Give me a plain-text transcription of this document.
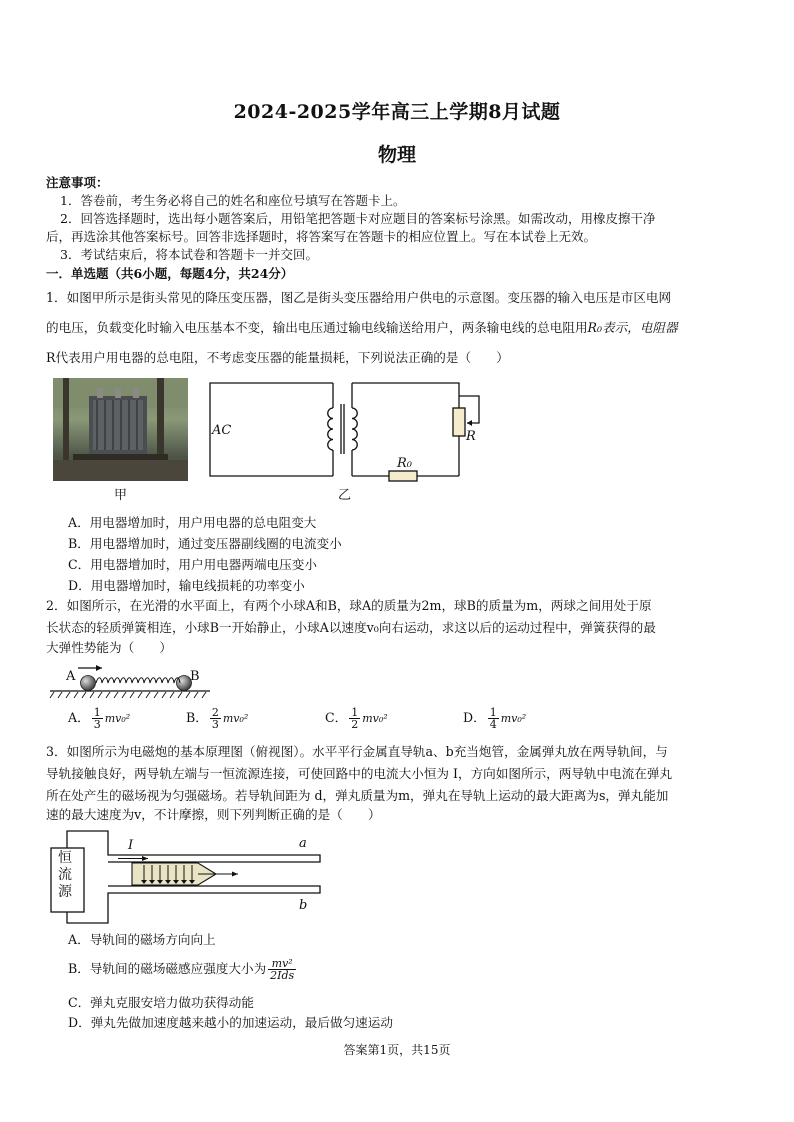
2024-2025学年高三上学期8月试题
物理
注意事项：
1．答卷前，考生务必将自己的姓名和座位号填写在答题卡上。
2．回答选择题时，选出每小题答案后，用铅笔把答题卡对应题目的答案标号涂黑。如需改动，用橡皮擦干净
后，再选涂其他答案标号。回答非选择题时，将答案写在答题卡的相应位置上。写在本试卷上无效。
3．考试结束后，将本试卷和答题卡一并交回。
一．单选题（共6小题，每题4分，共24分）
1．如图甲所示是街头常见的降压变压器，图乙是街头变压器给用户供电的示意图。变压器的输入电压是市区电网
的电压，负载变化时输入电压基本不变，输出电压通过输电线输送给用户，两条输电线的总电阻用R₀表示，电阻器
R代表用户用电器的总电阻，不考虑变压器的能量损耗，下列说法正确的是（　　）
甲
AC	R
R₀
乙
A．用电器增加时，用户用电器的总电阻变大
B．用电器增加时，通过变压器副线圈的电流变小
C．用电器增加时，用户用电器两端电压变小
D．用电器增加时，输电线损耗的功率变小
2．如图所示，在光滑的水平面上，有两个小球A和B，球A的质量为2m，球B的质量为m，两球之间用处于原
长状态的轻质弹簧相连，小球B一开始静止，小球A以速度v₀向右运动，求这以后的运动过程中，弹簧获得的最
大弹性势能为（　　）
A	B
A． $\frac{1}{3} mv_0^2$	B． $\frac{2}{3} mv_0^2$	C． $\frac{1}{2} mv_0^2$	D． $\frac{1}{4} mv_0^2$
3．如图所示为电磁炮的基本原理图（俯视图）。水平平行金属直导轨a、b充当炮管，金属弹丸放在两导轨间，与
导轨接触良好，两导轨左端与一恒流源连接，可使回路中的电流大小恒为 I，方向如图所示，两导轨中电流在弹丸
所在处产生的磁场视为匀强磁场。若导轨间距为 d，弹丸质量为m，弹丸在导轨上运动的最大距离为s，弹丸能加
速的最大速度为v，不计摩擦，则下列判断正确的是（　　）
恒
流
源
I	a
b
A．导轨间的磁场方向向上
B．导轨间的磁场磁感应强度大小为 $\frac{\text{mv²}}{\text{2Ids}}$
C．弹丸克服安培力做功获得动能
D．弹丸先做加速度越来越小的加速运动，最后做匀速运动
答案第1页，共15页
